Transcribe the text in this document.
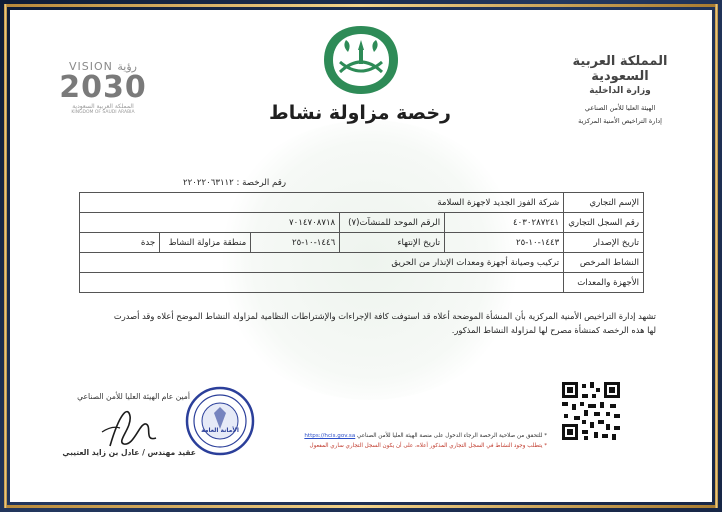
رخصة مزاولة نشاط
المملكة العربية السعودية
وزارة الداخلية
الهيئة العليا للأمن الصناعي
إدارة التراخيص الأمنية المركزية
VISION رؤية
2030
المملكة العربية السعودية
KINGDOM OF SAUDI ARABIA
رقم الرخصة : ٢٢٠٢٢٠٦٣١١٢
الإسم التجاري	شركة الفوز الجديد لاجهزة السلامة				
رقم السجل التجاري	٤٠٣٠٢٨٧٢٤١	الرقم الموحد للمنشآت(٧)	٧٠١٤٧٠٨٧١٨		
تاريخ الإصدار	١٤٤٣-١٠-٢٥	تاريخ الإنتهاء	١٤٤٦-١٠-٢٥	منطقة مزاولة النشاط	جدة
النشاط المرخص	تركيب وصيانة أجهزة ومعدات الإنذار من الحريق				
الأجهزة والمعدات					
تشهد إدارة التراخيص الأمنية المركزية بأن المنشأة الموضحة أعلاه قد استوفت كافة الإجراءات والإشتراطات النظامية لمزاولة النشاط الموضح أعلاه وقد أصدرت
لها هذه الرخصة كمنشأة مصرح لها لمزاولة النشاط المذكور.
* للتحقق من صلاحية الرخصة الرجاء الدخول على منصة الهيئة العليا للأمن الصناعي https://hcis.gov.sa
* يتطلب وجود النشاط في السجل التجاري المذكور أعلاه، على أن يكون السجل التجاري ساري المفعول
الأمانة العامة
أمين عام الهيئة العليا للأمن الصناعي
عقيد مهندس / عادل بن زايد العتيبي
